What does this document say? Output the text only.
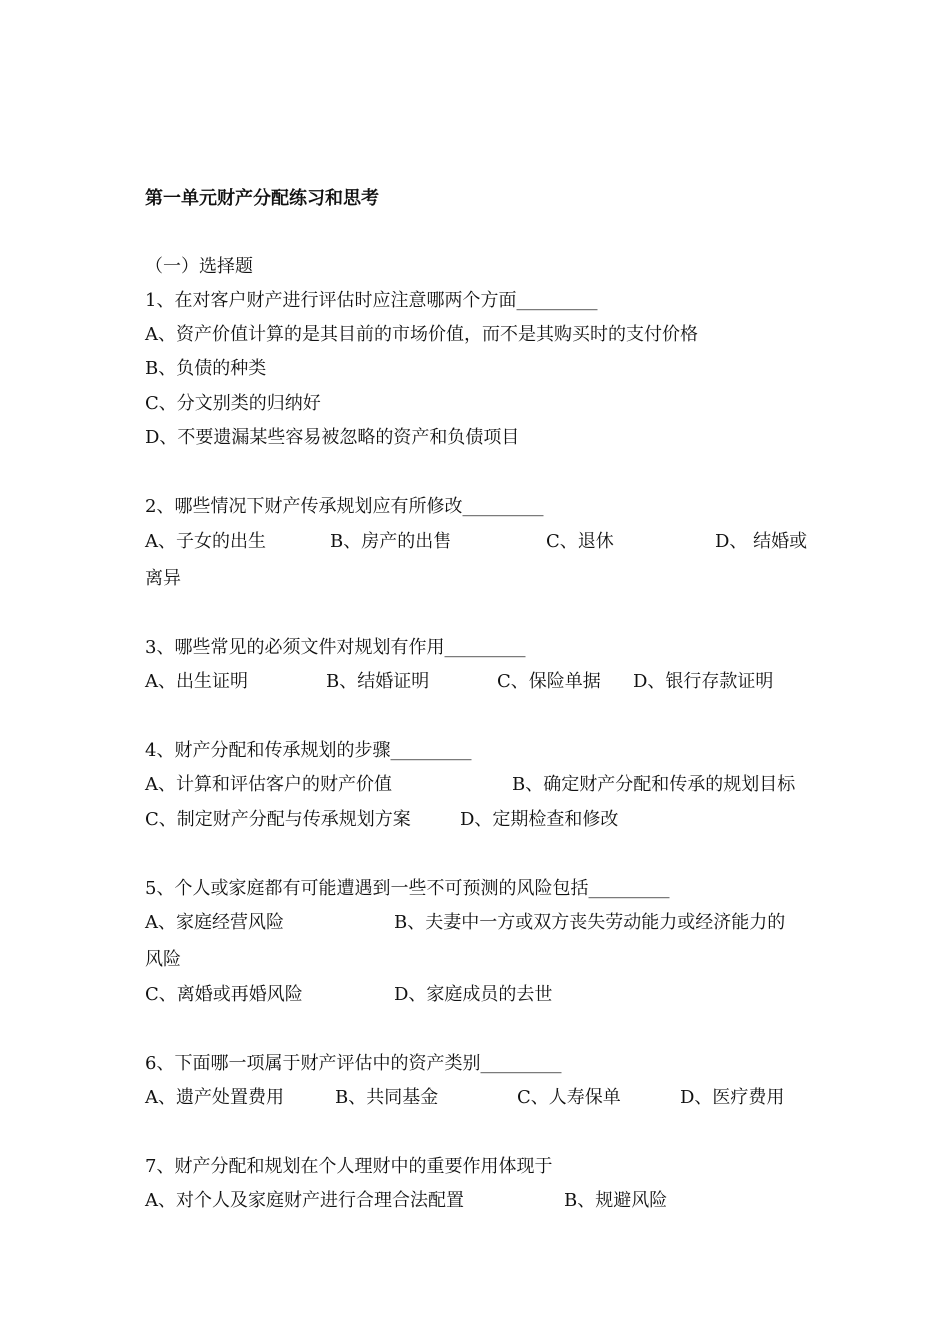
第一单元财产分配练习和思考
（一）选择题
1、在对客户财产进行评估时应注意哪两个方面_________
A、资产价值计算的是其目前的市场价值，而不是其购买时的支付价格
B、负债的种类
C、分文别类的归纳好
D、不要遗漏某些容易被忽略的资产和负债项目
2、哪些情况下财产传承规划应有所修改_________
A、子女的出生	B、房产的出售	C、退休	D、 结婚或
离异
3、哪些常见的必须文件对规划有作用_________
A、出生证明	B、结婚证明	C、保险单据 D、银行存款证明
4、财产分配和传承规划的步骤_________
A、计算和评估客户的财产价值	B、确定财产分配和传承的规划目标
C、制定财产分配与传承规划方案	D、定期检查和修改
5、个人或家庭都有可能遭遇到一些不可预测的风险包括_________
A、家庭经营风险	B、夫妻中一方或双方丧失劳动能力或经济能力的
风险
C、离婚或再婚风险	D、家庭成员的去世
6、下面哪一项属于财产评估中的资产类别_________
A、遗产处置费用	B、共同基金	C、人寿保单	D、医疗费用
7、财产分配和规划在个人理财中的重要作用体现于
A、对个人及家庭财产进行合理合法配置	B、规避风险
